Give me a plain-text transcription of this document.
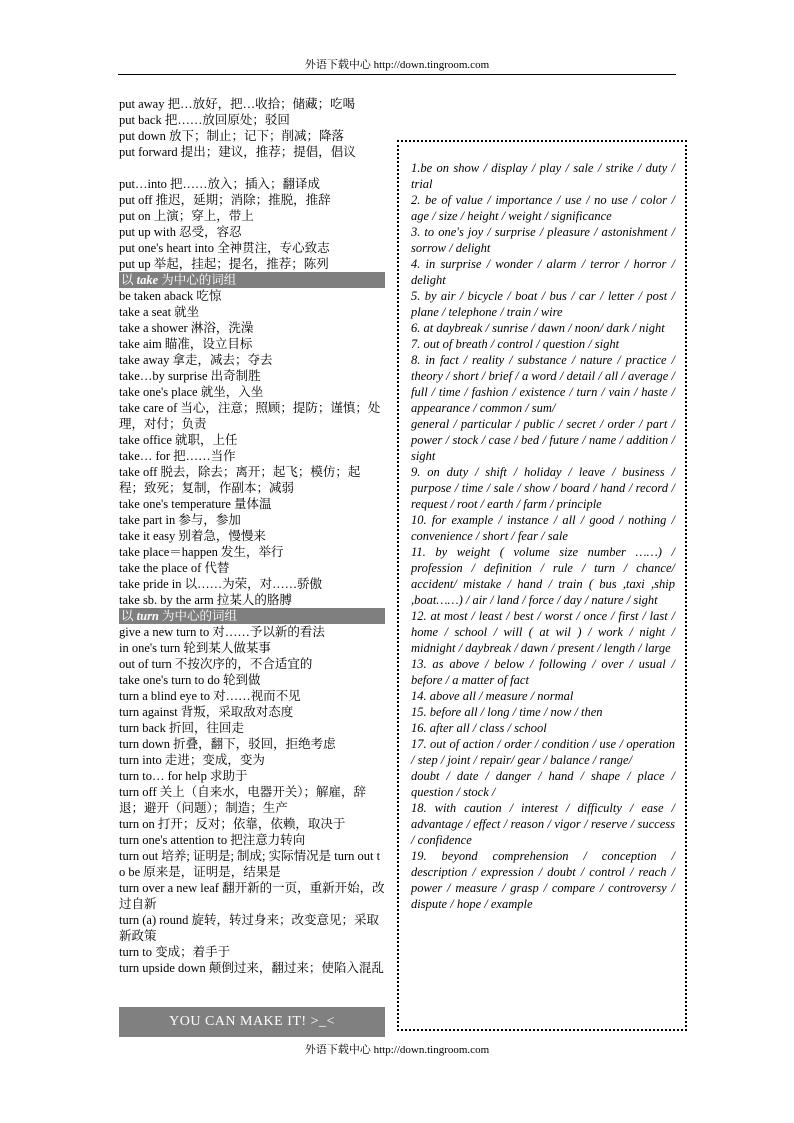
外语下载中心 http://down.tingroom.com

put away 把…放好，把…收拾；储藏；吃喝

put back 把……放回原处；驳回

put down 放下；制止；记下；削减；降落

put forward 提出；建议，推荐；提倡，倡议

put…into 把……放入；插入；翻译成

put off 推迟，延期；消除；推脱，推辞

put on 上演；穿上，带上

put up with 忍受，容忍

put one's heart into 全神贯注，专心致志

put up 举起，挂起；提名，推荐；陈列

以 take 为中心的词组

be taken aback 吃惊

take a seat 就坐

take a shower 淋浴，洗澡

take aim 瞄准，设立目标

take away 拿走，减去；夺去

take…by surprise 出奇制胜

take one's place 就坐，入坐

take care of 当心，注意；照顾；提防；谨慎；处理，对付；负责

take office 就职，上任

take… for 把……当作

take off 脱去，除去；离开；起飞；模仿；起程；致死；复制，作副本；减弱

take one's temperature 量体温

take part in 参与，参加

take it easy 别着急，慢慢来

take place＝happen 发生，举行

take the place of 代替

take pride in 以……为荣，对……骄傲

take sb. by the arm 拉某人的胳膊

以 turn 为中心的词组

give a new turn to 对……予以新的看法

in one's turn 轮到某人做某事

out of turn 不按次序的，不合适宜的

take one's turn to do 轮到做

turn a blind eye to 对……视而不见

turn against 背叛，采取敌对态度

turn back 折回，往回走

turn down 折叠，翻下，驳回，拒绝考虑

turn into 走进；变成，变为

turn to… for help 求助于

turn off 关上（自来水，电器开关）；解雇，辞退；避开（问题）；制造；生产

turn on 打开；反对；依靠，依赖，取决于

turn one's attention to 把注意力转向

turn out 培养; 证明是; 制成; 实际情况是 turn out to be 原来是，证明是，结果是

turn over a new leaf 翻开新的一页，重新开始，改过自新

turn (a) round 旋转，转过身来；改变意见；采取新政策

turn to 变成；着手于

turn upside down 颠倒过来，翻过来；使陷入混乱

YOU CAN MAKE IT! >_<

1.be on show / display / play / sale / strike / duty / trial

2. be of value / importance / use / no use / color / age / size / height / weight / significance

3. to one's joy / surprise / pleasure / astonishment / sorrow / delight

4. in surprise / wonder / alarm / terror / horror / delight

5. by air / bicycle / boat / bus / car / letter / post / plane / telephone / train / wire

6. at daybreak / sunrise / dawn / noon/ dark / night

7. out of breath / control / question / sight

8. in fact / reality / substance / nature / practice / theory / short / brief / a word / detail / all / average / full / time / fashion / existence / turn / vain / haste / appearance / common / sum/

general / particular / public / secret / order / part / power / stock / case / bed / future / name / addition / sight

9. on duty / shift / holiday / leave / business / purpose / time / sale / show / board / hand / record / request / root / earth / farm / principle

10. for example / instance / all / good / nothing / convenience / short / fear / sale

11. by weight ( volume size number ……) / profession / definition / rule / turn / chance/ accident/ mistake / hand / train ( bus ,taxi ,ship ,boat……) / air / land / force / day / nature / sight

12. at most / least / best / worst / once / first / last / home / school / will ( at wil ) / work / night / midnight / daybreak / dawn / present / length / large

13. as above / below / following / over / usual / before / a matter of fact

14. above all / measure / normal

15. before all / long / time / now / then

16. after all / class / school

17. out of action / order / condition / use / operation / step / joint / repair/ gear / balance / range/

doubt / date / danger / hand / shape / place / question / stock /

18. with caution / interest / difficulty / ease / advantage / effect / reason / vigor / reserve / success / confidence

19. beyond comprehension / conception / description / expression / doubt / control / reach / power / measure / grasp / compare / controversy / dispute / hope / example

外语下载中心 http://down.tingroom.com
